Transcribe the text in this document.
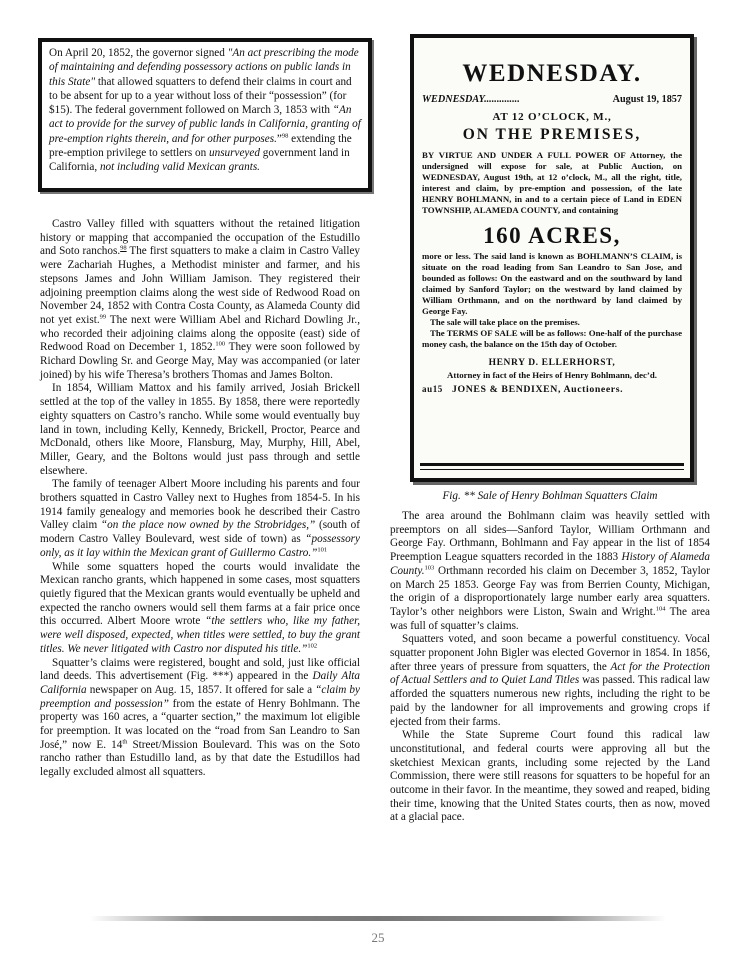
On April 20, 1852, the governor signed "An act prescribing the mode of maintaining and defending possessory actions on public lands in this State" that allowed squatters to defend their claims in court and to be absent for up to a year without loss of their “possession” (for $15). The federal government followed on March 3, 1853 with “An act to provide for the survey of public lands in California, granting of pre-emption rights therein, and for other purposes.”$^{98}$ extending the pre-emption privilege to settlers on unsurveyed government land in California, not including valid Mexican grants.

Castro Valley filled with squatters without the retained litigation history or mapping that accompanied the occupation of the Estudillo and Soto ranchos.$^{98}$ The first squatters to make a claim in Castro Valley were Zachariah Hughes, a Methodist minister and farmer, and his stepsons James and John William Jamison. They registered their adjoining preemption claims along the west side of Redwood Road on November 24, 1852 with Contra Costa County, as Alameda County did not yet exist.$^{99}$ The next were William Abel and Richard Dowling Jr., who recorded their adjoining claims along the opposite (east) side of Redwood Road on December 1, 1852.$^{100}$ They were soon followed by Richard Dowling Sr. and George May, May was accompanied (or later joined) by his wife Theresa’s brothers Thomas and James Bolton.

In 1854, William Mattox and his family arrived, Josiah Brickell settled at the top of the valley in 1855. By 1858, there were reportedly eighty squatters on Castro’s rancho. While some would eventually buy land in town, including Kelly, Kennedy, Brickell, Proctor, Pearce and McDonald, others like Moore, Flansburg, May, Murphy, Hill, Abel, Miller, Geary, and the Boltons would just pass through and settle elsewhere.

The family of teenager Albert Moore including his parents and four brothers squatted in Castro Valley next to Hughes from 1854-5. In his 1914 family genealogy and memories book he described their Castro Valley claim “on the place now owned by the Strobridges,” (south of modern Castro Valley Boulevard, west side of town) as “possessory only, as it lay within the Mexican grant of Guillermo Castro.”$^{101}$

While some squatters hoped the courts would invalidate the Mexican rancho grants, which happened in some cases, most squatters quietly figured that the Mexican grants would eventually be upheld and expected the rancho owners would sell them farms at a fair price once this occurred. Albert Moore wrote “the settlers who, like my father, were well disposed, expected, when titles were settled, to buy the grant titles. We never litigated with Castro nor disputed his title.”$^{102}$

Squatter’s claims were registered, bought and sold, just like official land deeds. This advertisement (Fig. ***) appeared in the Daily Alta California newspaper on Aug. 15, 1857. It offered for sale a “claim by preemption and possession” from the estate of Henry Bohlmann. The property was 160 acres, a “quarter section,” the maximum lot eligible for preemption. It was located on the “road from San Leandro to San José,” now E. 14th Street/Mission Boulevard. This was on the Soto rancho rather than Estudillo land, as by that date the Estudillos had legally excluded almost all squatters.

WEDNESDAY.
WEDNESDAY..............	August 19, 1857
AT 12 O’CLOCK, M.,
ON THE PREMISES,
BY VIRTUE AND UNDER A FULL POWER OF Attorney, the undersigned will expose for sale, at Public Auction, on WEDNESDAY, August 19th, at 12 o’clock, M., all the right, title, interest and claim, by pre-emption and possession, of the late HENRY BOHLMANN, in and to a certain piece of Land in EDEN TOWNSHIP, ALAMEDA COUNTY, and containing
160 ACRES,

more or less. The said land is known as BOHLMANN’S CLAIM, is situate on the road leading from San Leandro to San Jose, and bounded as follows: On the eastward and on the southward by land claimed by Sanford Taylor; on the westward by land claimed by William Orthmann, and on the northward by land claimed by George Fay.

The sale will take place on the premises.

The TERMS OF SALE will be as follows: One-half of the purchase money cash, the balance on the 15th day of October.

HENRY D. ELLERHORST,
Attorney in fact of the Heirs of Henry Bohlmann, dec’d.
au15 JONES & BENDIXEN, Auctioneers.
Fig. ** Sale of Henry Bohlman Squatters Claim

The area around the Bohlmann claim was heavily settled with preemptors on all sides—Sanford Taylor, William Orthmann and George Fay. Orthmann, Bohlmann and Fay appear in the list of 1854 Preemption League squatters recorded in the 1883 History of Alameda County.$^{103}$ Orthmann recorded his claim on December 3, 1852, Taylor on March 25 1853. George Fay was from Berrien County, Michigan, the origin of a disproportionately large number early area squatters. Taylor’s other neighbors were Liston, Swain and Wright.$^{104}$ The area was full of squatter’s claims.

Squatters voted, and soon became a powerful constituency. Vocal squatter proponent John Bigler was elected Governor in 1854. In 1856, after three years of pressure from squatters, the Act for the Protection of Actual Settlers and to Quiet Land Titles was passed. This radical law afforded the squatters numerous new rights, including the right to be paid by the landowner for all improvements and growing crops if ejected from their farms.

While the State Supreme Court found this radical law unconstitutional, and federal courts were approving all but the sketchiest Mexican grants, including some rejected by the Land Commission, there were still reasons for squatters to be hopeful for an outcome in their favor. In the meantime, they sowed and reaped, biding their time, knowing that the United States courts, then as now, moved at a glacial pace.

25
